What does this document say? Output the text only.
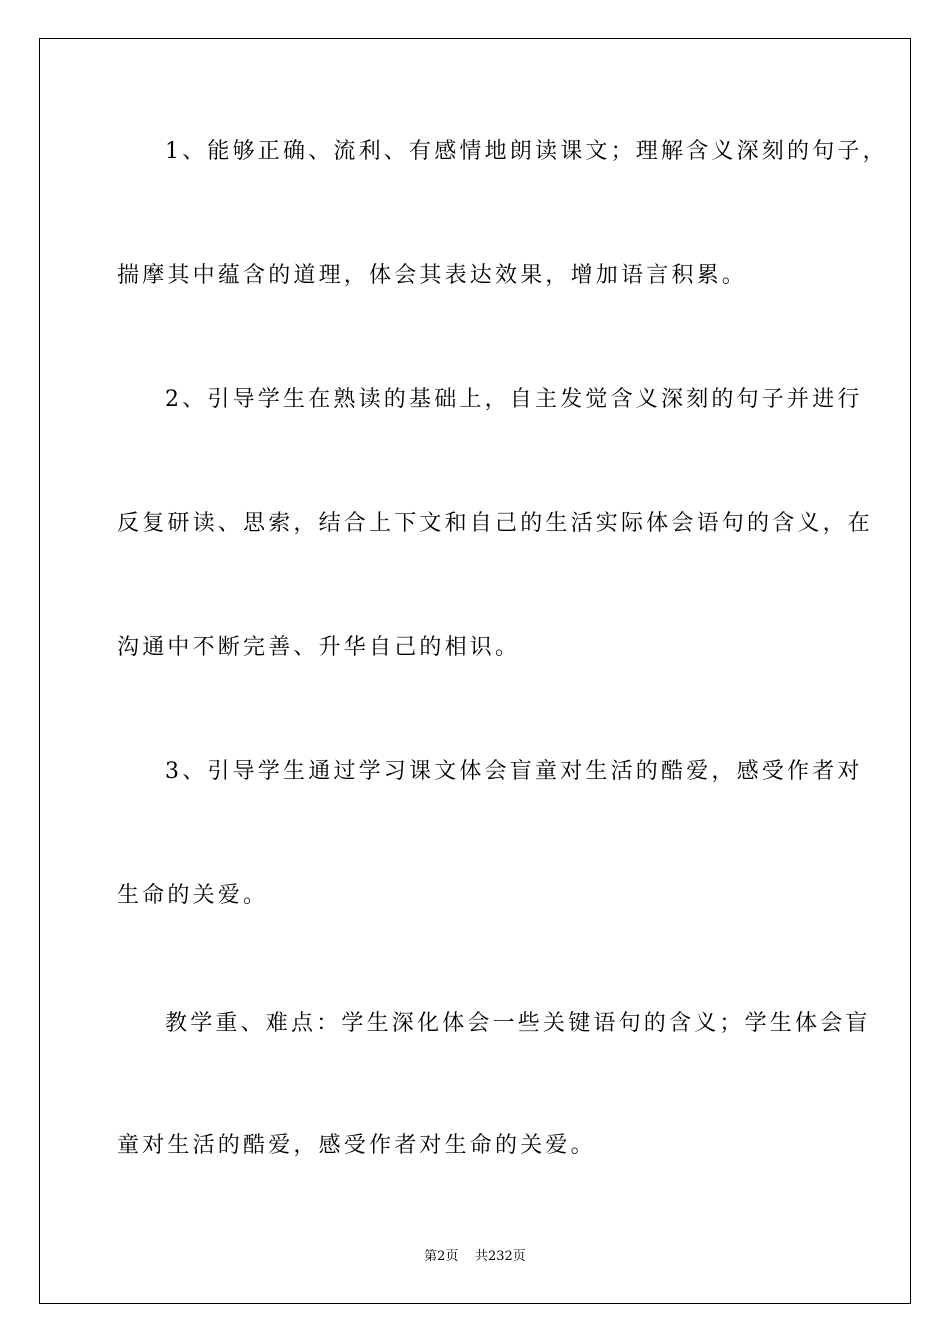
1、能够正确、流利、有感情地朗读课文；理解含义深刻的句子，
揣摩其中蕴含的道理，体会其表达效果，增加语言积累。
2、引导学生在熟读的基础上，自主发觉含义深刻的句子并进行
反复研读、思索，结合上下文和自己的生活实际体会语句的含义，在
沟通中不断完善、升华自己的相识。
3、引导学生通过学习课文体会盲童对生活的酷爱，感受作者对
生命的关爱。
教学重、难点：学生深化体会一些关键语句的含义；学生体会盲
童对生活的酷爱，感受作者对生命的关爱。
第2页 共232页
